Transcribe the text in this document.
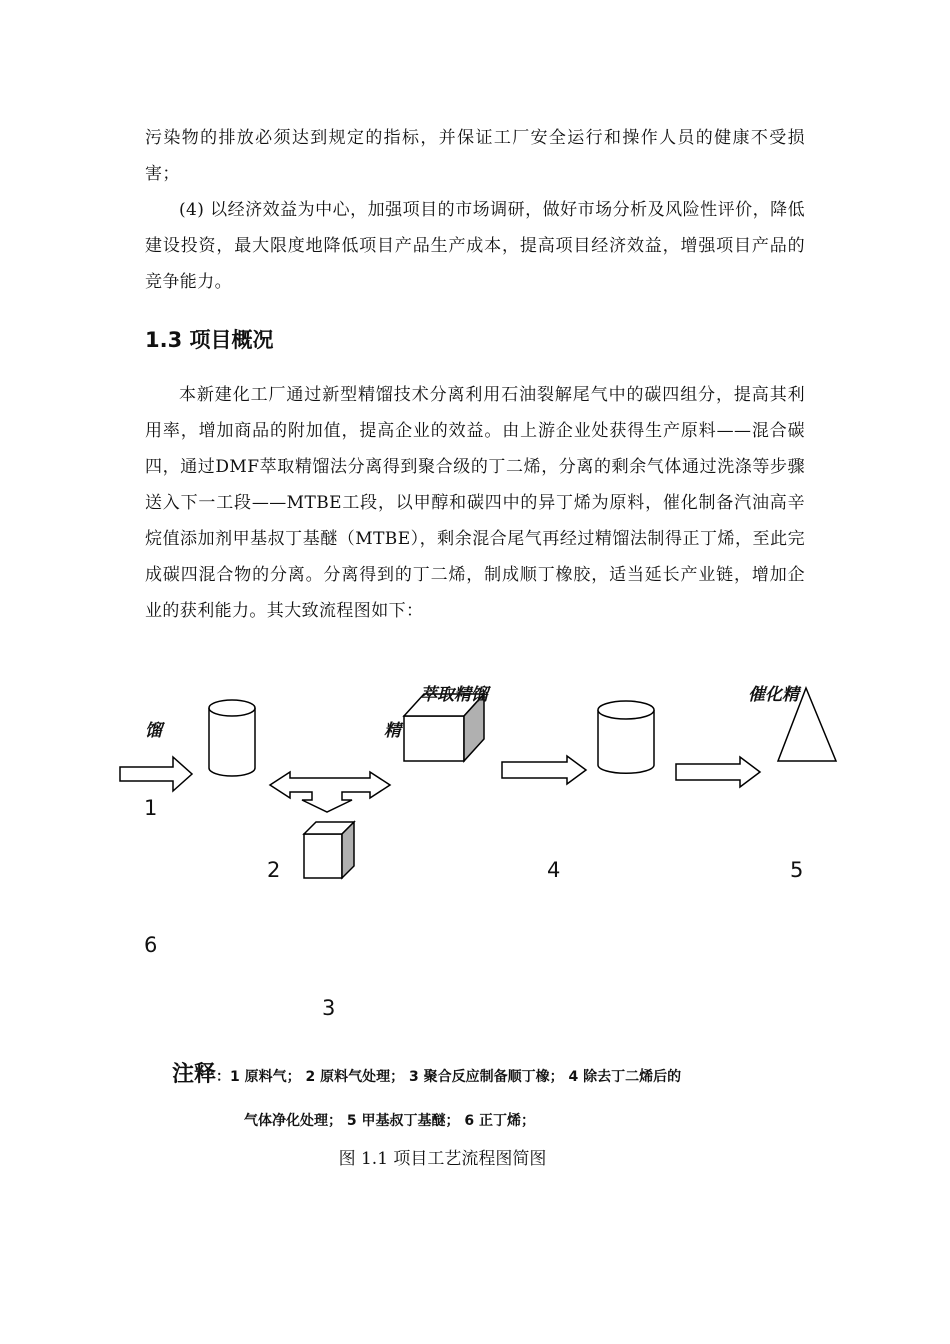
污染物的排放必须达到规定的指标，并保证工厂安全运行和操作人员的健康不受损害；

(4) 以经济效益为中心，加强项目的市场调研，做好市场分析及风险性评价，降低建设投资，最大限度地降低项目产品生产成本，提高项目经济效益，增强项目产品的竞争能力。

1.3 项目概况

本新建化工厂通过新型精馏技术分离利用石油裂解尾气中的碳四组分，提高其利用率，增加商品的附加值，提高企业的效益。由上游企业处获得生产原料——混合碳四，通过DMF萃取精馏法分离得到聚合级的丁二烯，分离的剩余气体通过洗涤等步骤送入下一工段——MTBE工段，以甲醇和碳四中的异丁烯为原料，催化制备汽油高辛烷值添加剂甲基叔丁基醚（MTBE），剩余混合尾气再经过精馏法制得正丁烯，至此完成碳四混合物的分离。分离得到的丁二烯，制成顺丁橡胶，适当延长产业链，增加企业的获利能力。其大致流程图如下：

馏
萃取精馏
精
催化精
1
2	4	5
6
3
注释：1 原料气； 2 原料气处理； 3 聚合反应制备顺丁橡； 4 除去丁二烯后的
气体净化处理； 5 甲基叔丁基醚； 6 正丁烯；
图 1.1 项目工艺流程图简图
